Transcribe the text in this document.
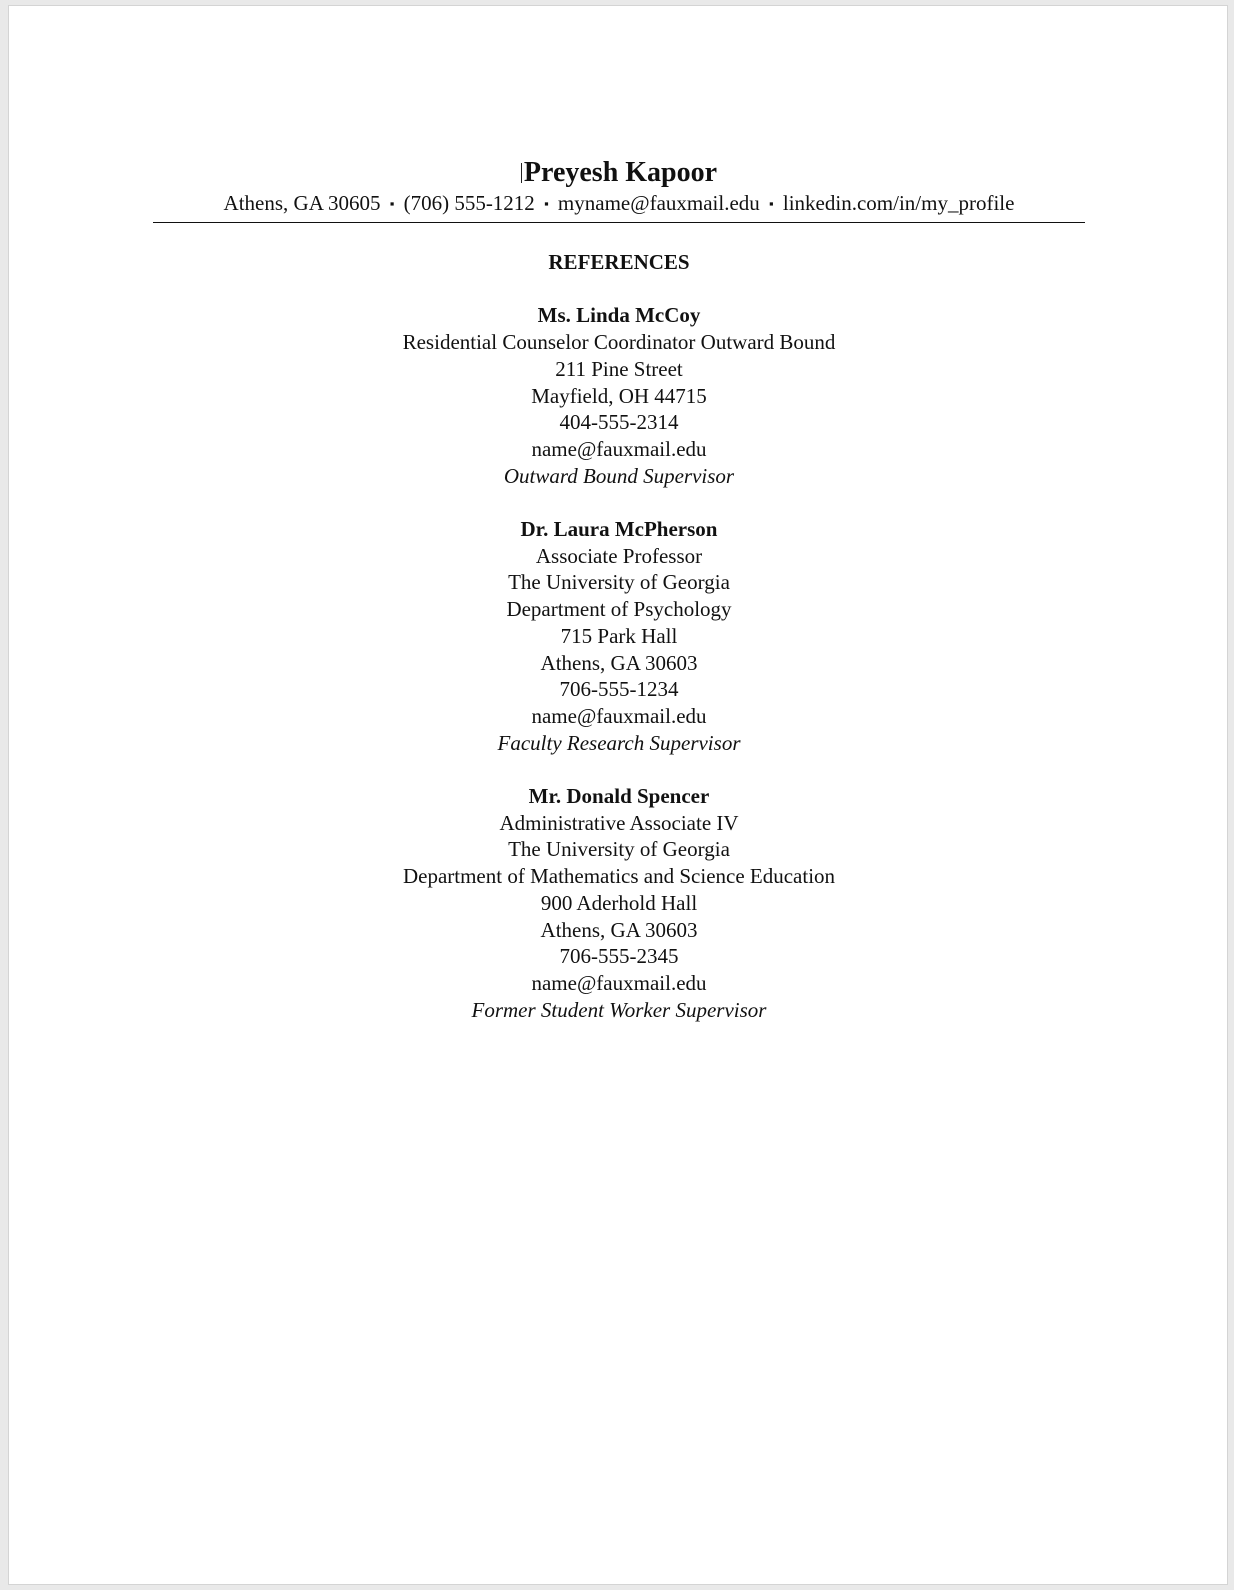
Preyesh Kapoor
Athens, GA 30605 ▪ (706) 555-1212 ▪ myname@fauxmail.edu ▪ linkedin.com/in/my_profile
REFERENCES
Ms. Linda McCoy
Residential Counselor Coordinator Outward Bound
211 Pine Street
Mayfield, OH 44715
404-555-2314
name@fauxmail.edu
Outward Bound Supervisor
Dr. Laura McPherson
Associate Professor
The University of Georgia
Department of Psychology
715 Park Hall
Athens, GA 30603
706-555-1234
name@fauxmail.edu
Faculty Research Supervisor
Mr. Donald Spencer
Administrative Associate IV
The University of Georgia
Department of Mathematics and Science Education
900 Aderhold Hall
Athens, GA 30603
706-555-2345
name@fauxmail.edu
Former Student Worker Supervisor
